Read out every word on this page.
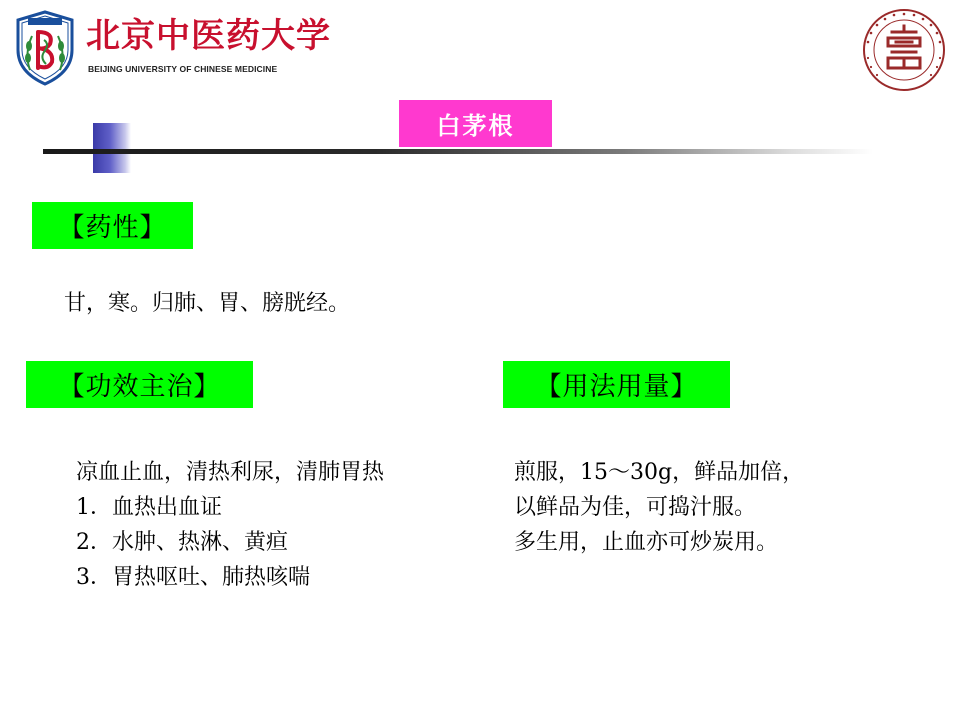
北京中医药大学
BEIJING UNIVERSITY OF CHINESE MEDICINE
白茅根
【药性】
甘，寒。归肺、胃、膀胱经。
【功效主治】
凉血止血，清热利尿，清肺胃热
1．血热出血证
2．水肿、热淋、黄疸
3．胃热呕吐、肺热咳喘
【用法用量】
煎服，15～30g，鲜品加倍，
以鲜品为佳，可捣汁服。
多生用，止血亦可炒炭用。
